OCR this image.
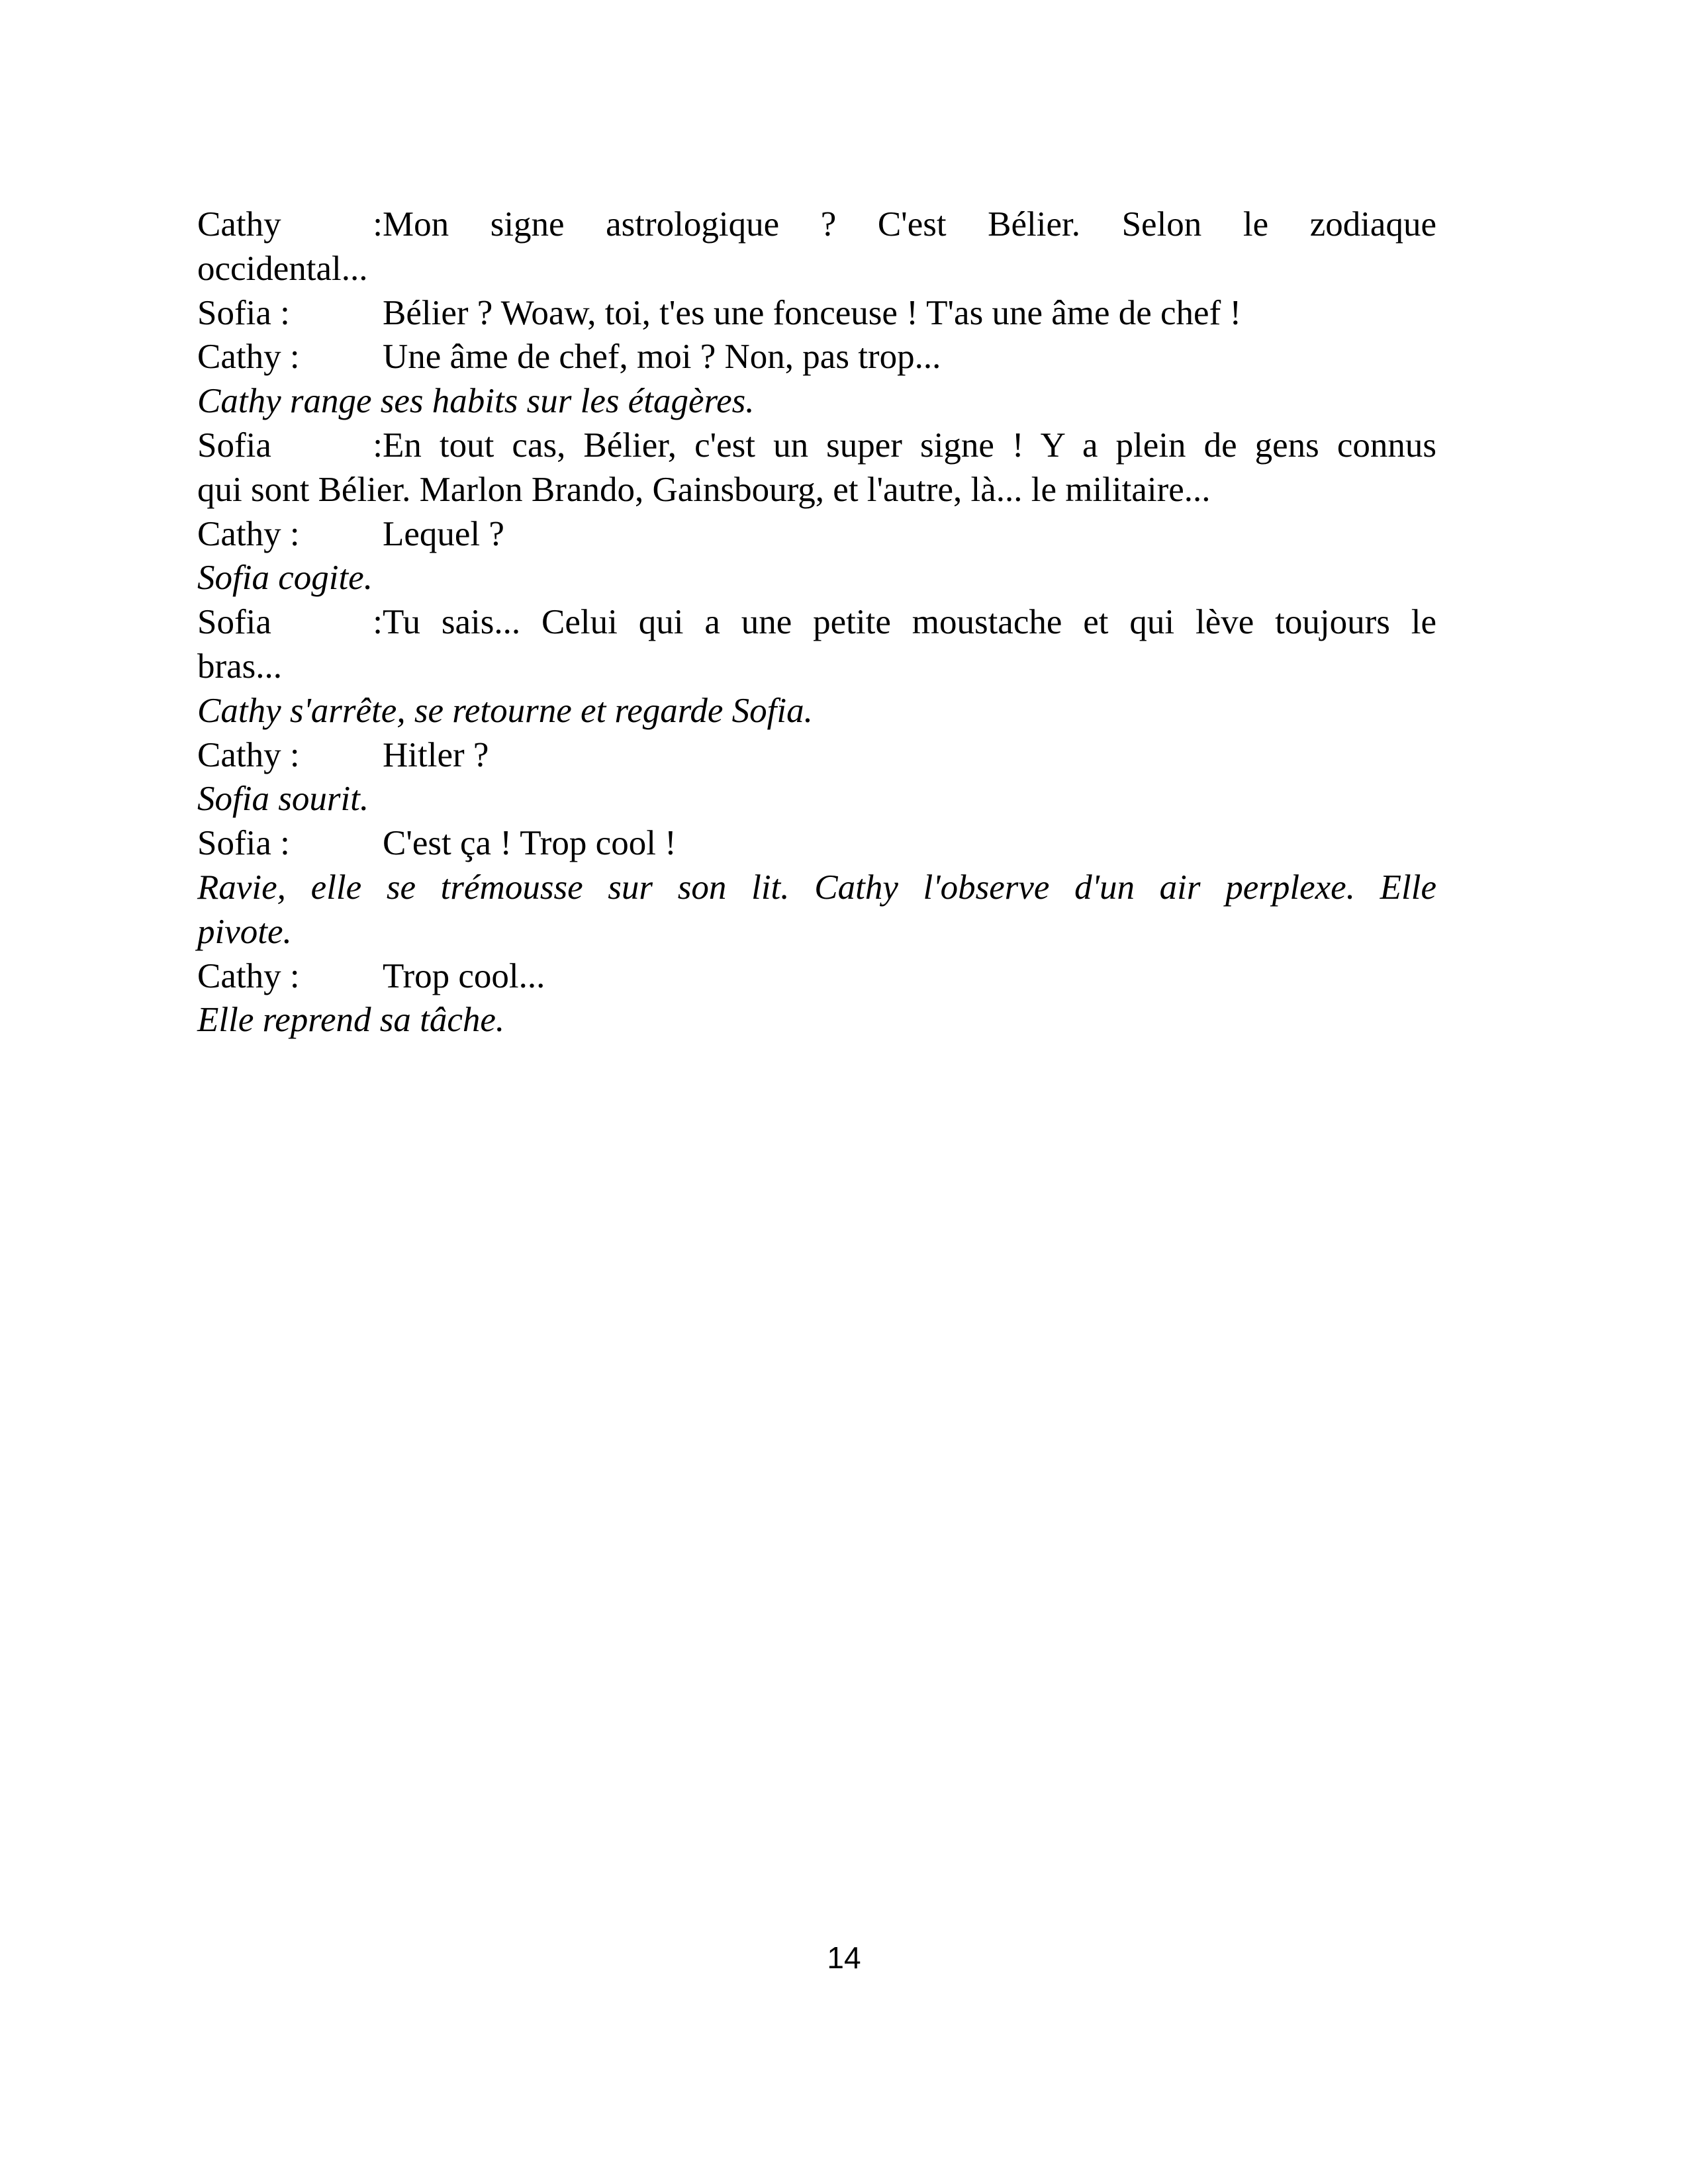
Cathy :Mon signe astrologique ? C'est Bélier. Selon le zodiaque
occidental...
Sofia :	Bélier ? Woaw, toi, t'es une fonceuse ! T'as une âme de chef !
Cathy : Une âme de chef, moi ? Non, pas trop...
Cathy range ses habits sur les étagères.
Sofia :En tout cas, Bélier, c'est un super signe ! Y a plein de gens connus
qui sont Bélier. Marlon Brando, Gainsbourg, et l'autre, là... le militaire...
Cathy : Lequel ?
Sofia cogite.
Sofia :Tu sais... Celui qui a une petite moustache et qui lève toujours le
bras...
Cathy s'arrête, se retourne et regarde Sofia.
Cathy : Hitler ?
Sofia sourit.
Sofia :	C'est ça ! Trop cool !
Ravie, elle se trémousse sur son lit. Cathy l'observe d'un air perplexe. Elle
pivote.
Cathy : Trop cool...
Elle reprend sa tâche.
14
